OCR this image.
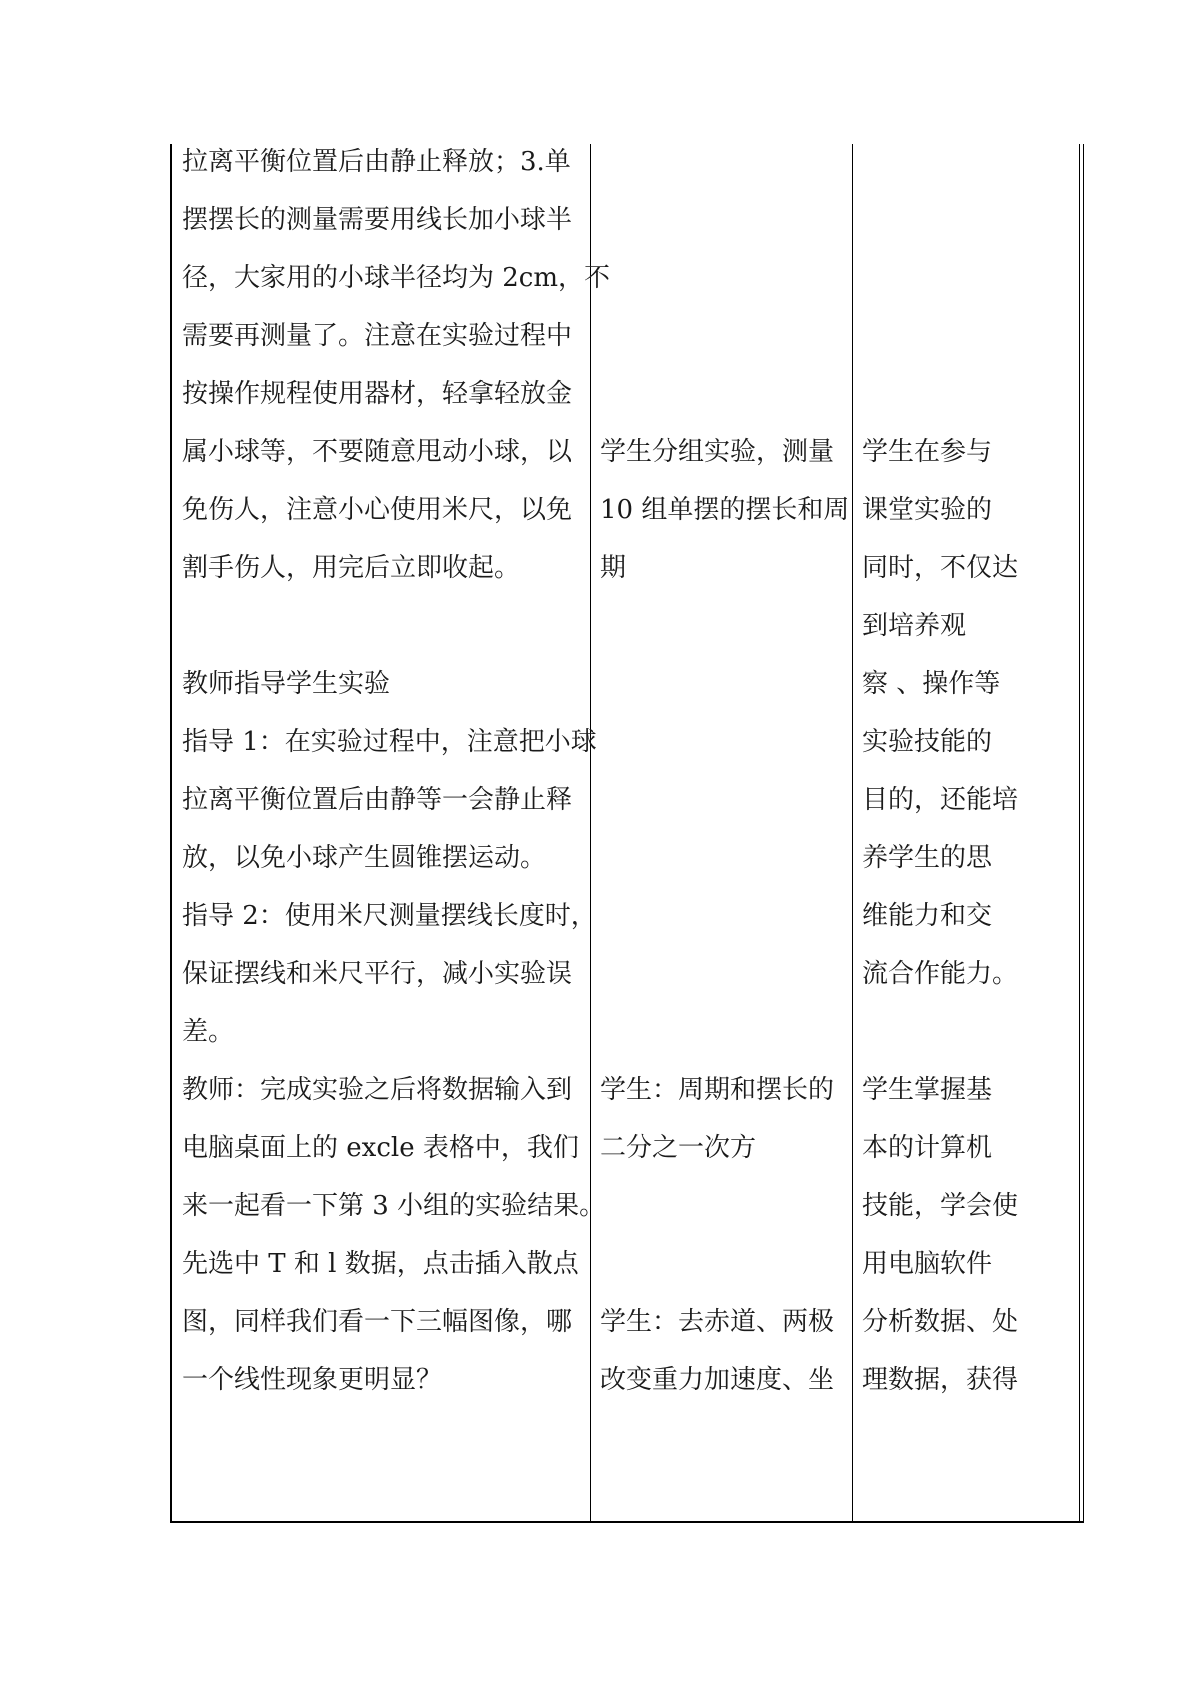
拉离平衡位置后由静止释放；3.单
摆摆长的测量需要用线长加小球半
径，大家用的小球半径均为 2cm，不
需要再测量了。注意在实验过程中
按操作规程使用器材，轻拿轻放金
属小球等，不要随意甩动小球，以
免伤人，注意小心使用米尺，以免
割手伤人，用完后立即收起。
教师指导学生实验
指导 1：在实验过程中，注意把小球
拉离平衡位置后由静等一会静止释
放，以免小球产生圆锥摆运动。
指导 2：使用米尺测量摆线长度时，
保证摆线和米尺平行，减小实验误
差。
教师：完成实验之后将数据输入到
电脑桌面上的 excle 表格中，我们
来一起看一下第 3 小组的实验结果。
先选中 T 和 l 数据，点击插入散点
图，同样我们看一下三幅图像，哪
一个线性现象更明显？
学生分组实验，测量
10 组单摆的摆长和周
期
学生：周期和摆长的
二分之一次方
学生：去赤道、两极
改变重力加速度、坐
学生在参与
课堂实验的
同时，不仅达
到培养观
察 、操作等
实验技能的
目的，还能培
养学生的思
维能力和交
流合作能力。
学生掌握基
本的计算机
技能，学会使
用电脑软件
分析数据、处
理数据，获得
